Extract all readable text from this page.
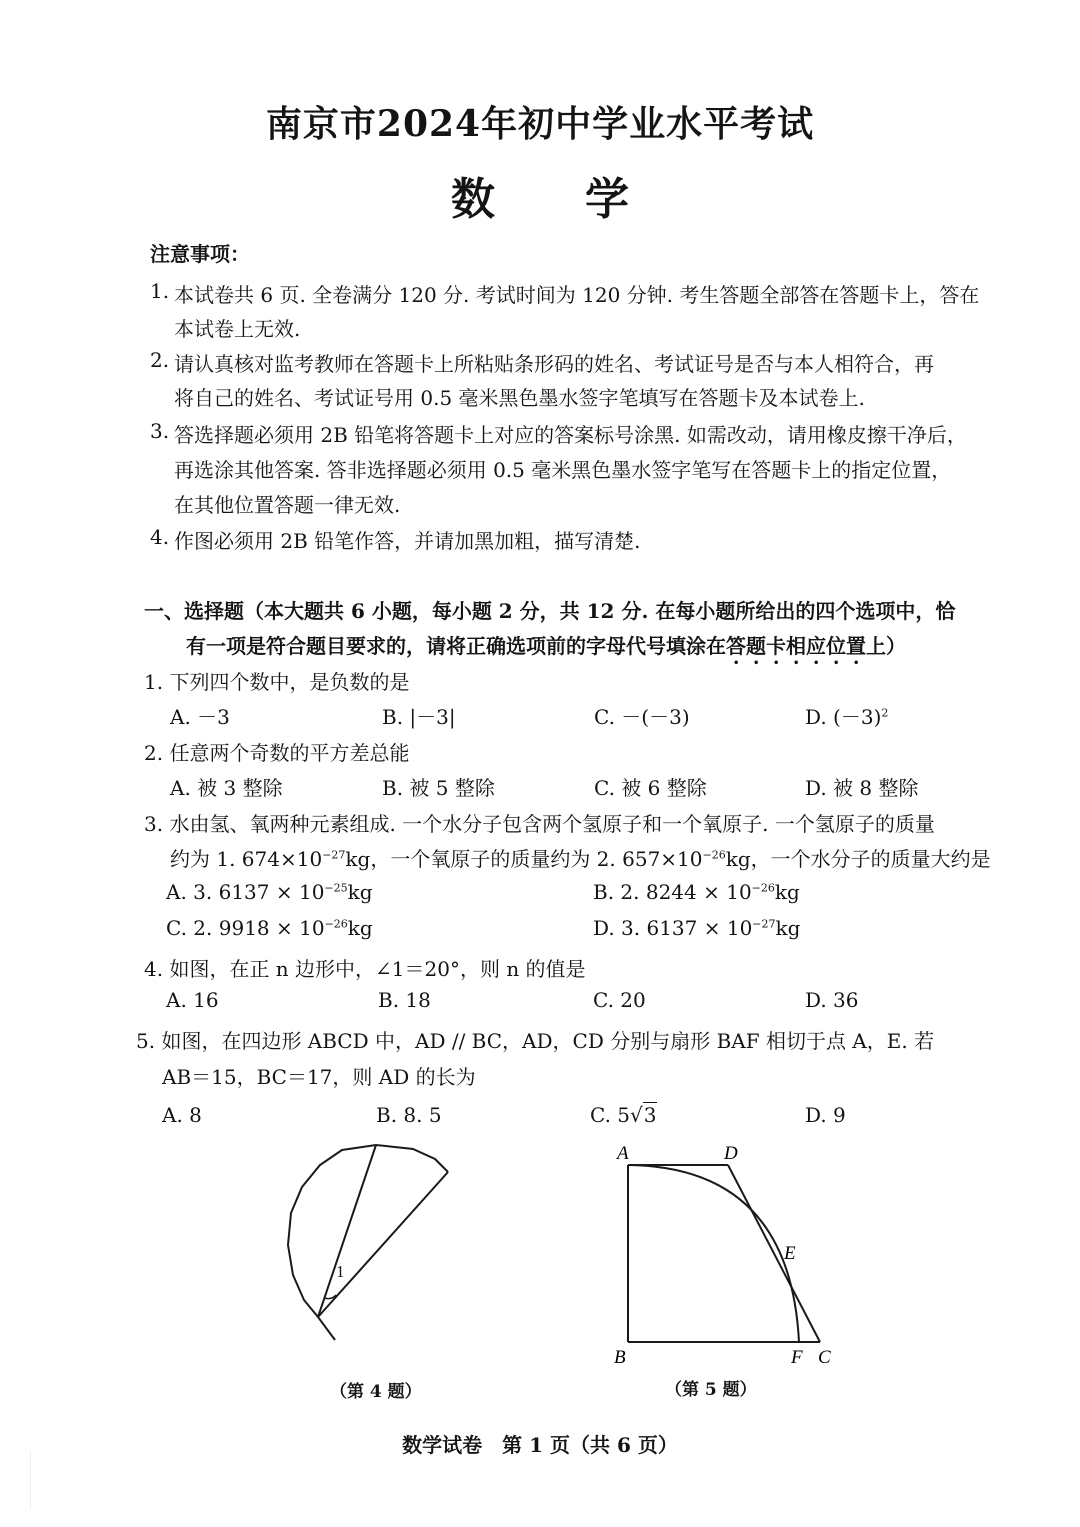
南京市2024年初中学业水平考试
数学
注意事项：
1. 本试卷共 6 页. 全卷满分 120 分. 考试时间为 120 分钟. 考生答题全部答在答题卡上，答在
本试卷上无效.
2. 请认真核对监考教师在答题卡上所粘贴条形码的姓名、考试证号是否与本人相符合，再
将自己的姓名、考试证号用 0.5 毫米黑色墨水签字笔填写在答题卡及本试卷上.
3. 答选择题必须用 2B 铅笔将答题卡上对应的答案标号涂黑. 如需改动，请用橡皮擦干净后，
再选涂其他答案. 答非选择题必须用 0.5 毫米黑色墨水签字笔写在答题卡上的指定位置，
在其他位置答题一律无效.
4. 作图必须用 2B 铅笔作答，并请加黑加粗，描写清楚.
一、选择题（本大题共 6 小题，每小题 2 分，共 12 分. 在每小题所给出的四个选项中，恰
有一项是符合题目要求的，请将正确选项前的字母代号填涂在答题卡相应位置上）
1. 下列四个数中，是负数的是
A. －3	B. |－3|	C. －(－3)	D. $(-3)^2$
2. 任意两个奇数的平方差总能
A. 被 3 整除	B. 被 5 整除	C. 被 6 整除	D. 被 8 整除
3. 水由氢、氧两种元素组成. 一个水分子包含两个氢原子和一个氧原子. 一个氢原子的质量
约为 1. $674\times 10^{-27}kg$，一个氧原子的质量约为 2. $657\times 10^{-26}kg$，一个水分子的质量大约是
A. 3. $6137 \times 10^{-25}kg$	B. 2. $8244 \times 10^{-26}kg$
C. 2. $9918 \times 10^{-26}kg$	D. 3. $6137 \times 10^{-27}kg$
4. 如图，在正 n 边形中，∠1＝20°，则 n 的值是
A. 16	B. 18	C. 20	D. 36
5. 如图，在四边形 ABCD 中，AD // BC，AD，CD 分别与扇形 BAF 相切于点 A，E. 若
AB＝15，BC＝17，则 AD 的长为
A. 8	B. 8. 5	C. 5√3	D. 9
1
（第 4 题）
A	D
E
B	F C
（第 5 题）
数学试卷　第 1 页（共 6 页）
